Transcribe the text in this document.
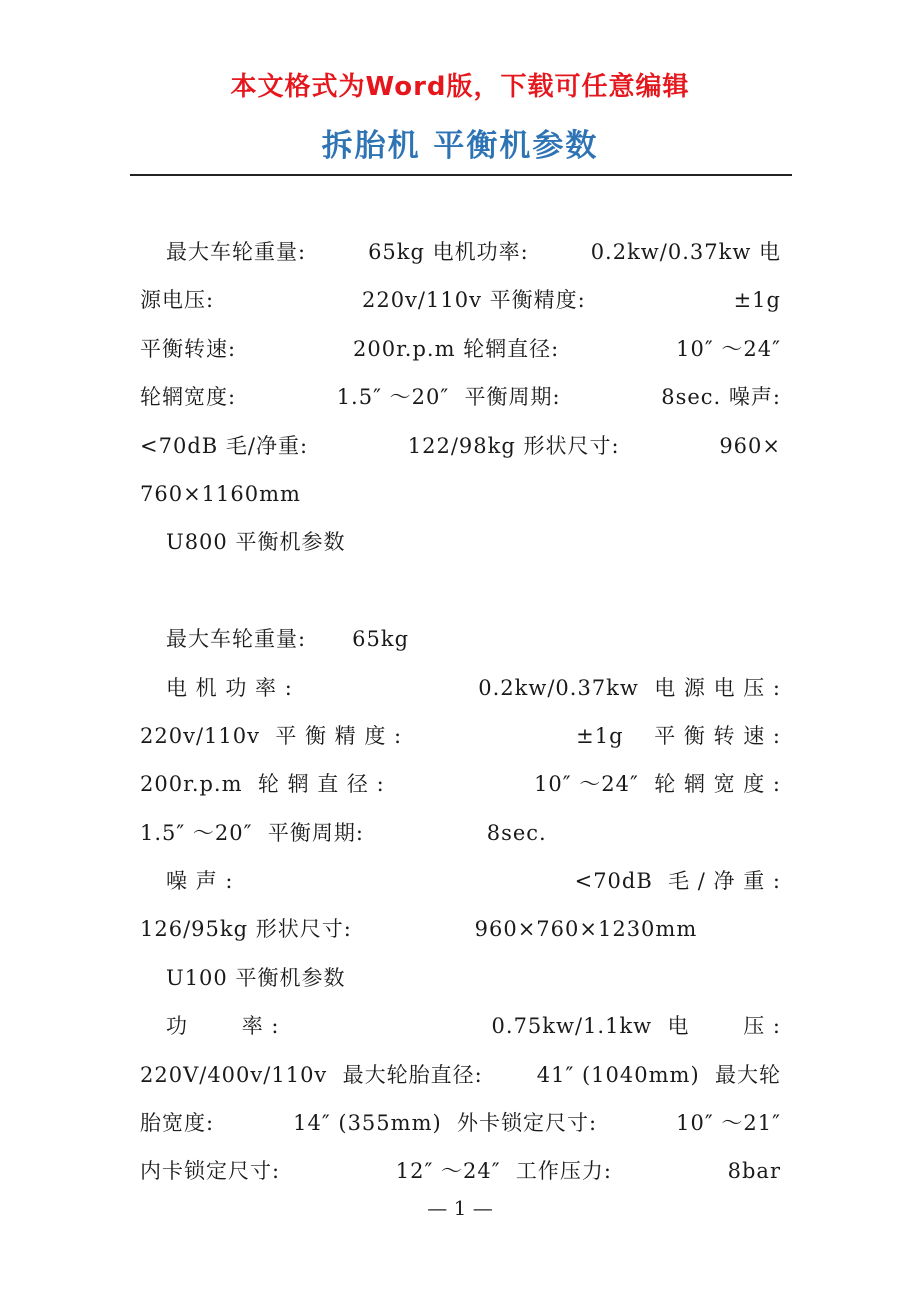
本文格式为Word版，下载可任意编辑
拆胎机 平衡机参数
最大车轮重量:	65kg 电机功率:	0.2kw/0.37kw 电
源电压:	220v/110v 平衡精度:	±1g
平衡转速:	200r.p.m 轮辋直径:	10″ ～24″
轮辋宽度:	1.5″ ～20″  平衡周期:	8sec. 噪声:
<70dB 毛/净重:	122/98kg 形状尺寸:	960×
760×1160mm
U800 平衡机参数
最大车轮重量: 65kg
电 机 功 率 :	0.2kw/0.37kw  电 源 电 压 :
220v/110v  平 衡 精 度 :	±1g    平 衡 转 速 :
200r.p.m  轮 辋 直 径 :	10″ ～24″  轮 辋 宽 度 :
1.5″ ～20″  平衡周期: 8sec.
噪 声 :	<70dB  毛 / 净 重 :
126/95kg 形状尺寸: 960×760×1230mm
U100 平衡机参数
功       率 :	0.75kw/1.1kw  电       压 :
220V/400v/110v  最大轮胎直径:	41″ (1040mm)  最大轮
胎宽度:	14″ (355mm)  外卡锁定尺寸:	10″ ～21″
内卡锁定尺寸:	12″ ～24″  工作压力:	8bar
— 1 —
